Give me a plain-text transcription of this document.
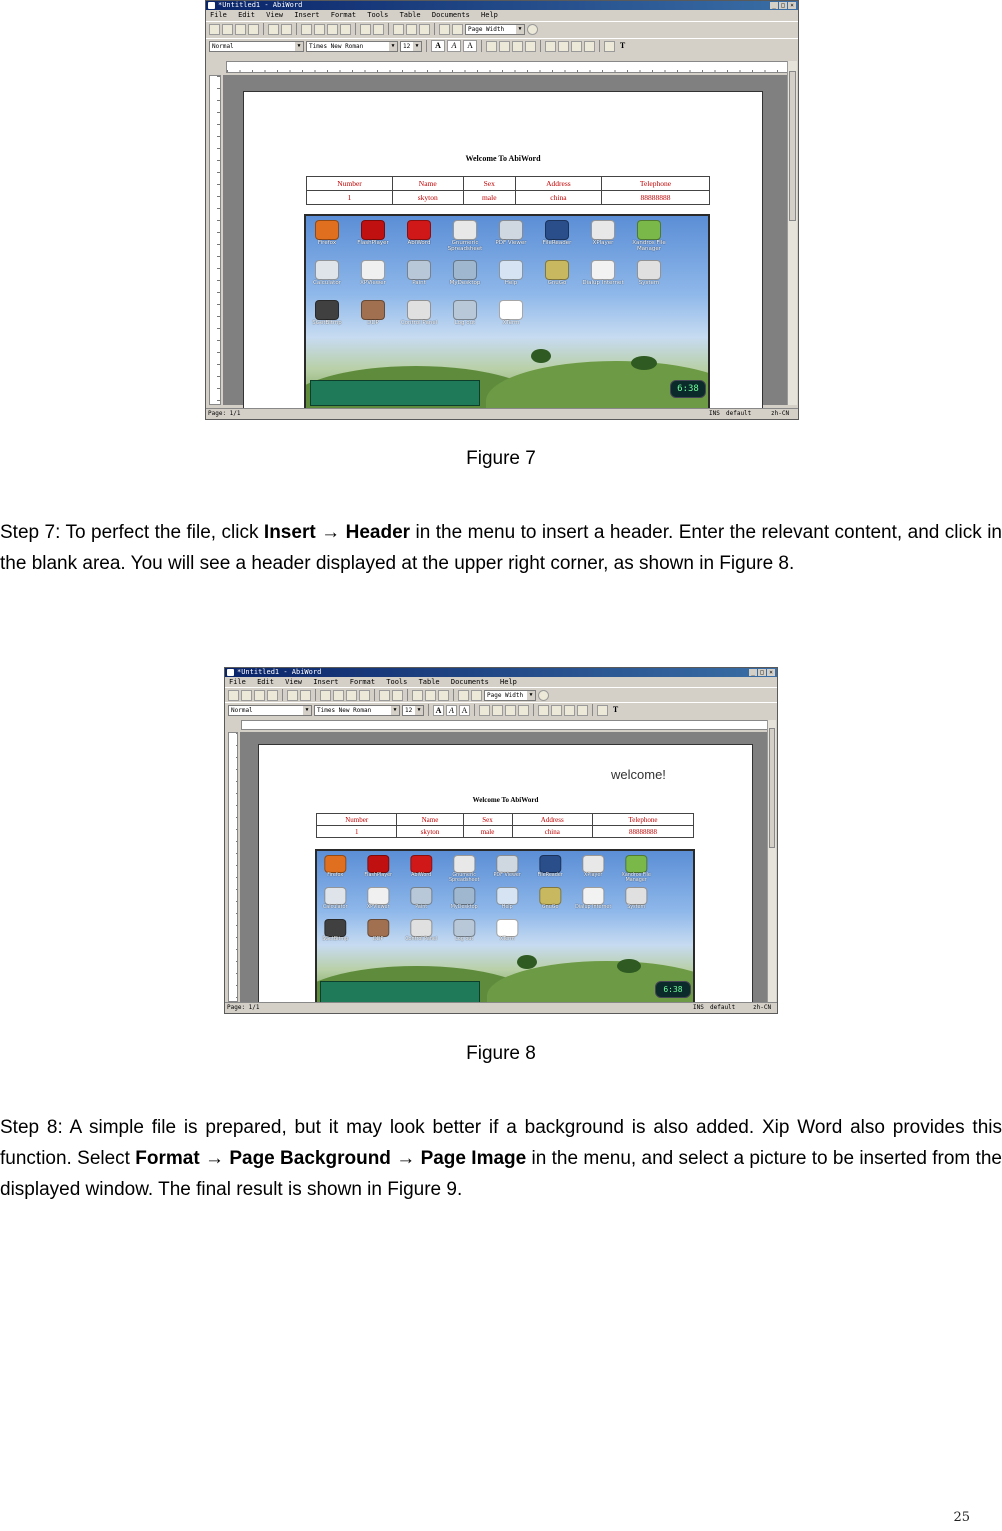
*Untitled1 - AbiWord	_ □ ×
File Edit View Insert Format Tools Table Documents Help
Page Width ▼
Normal ▼	Times New Roman ▼	12 ▼	A	A	A	T
Welcome To AbiWord
Number	Name	Sex	Address	Telephone
1	skyton	male	china	88888888
6:38
Firefox	FlashPlayer	AbiWord	Gnumeric Spreadsheet
PDF Viewer	FileReader	XPlayer	Xandros File Manager
Calculator	XPViewer	Paint	MyDesktop	Help	GnuGo	Dialup Internet	System
SGetBitmp	DDP	Control Panel	Log out	XTerm
Page: 1/1	INS default	zh-CN
Figure 7
Step 7: To perfect the file, click Insert → Header in the menu to insert a header. Enter the relevant content, and click in the blank area. You will see a header displayed at the upper right corner, as shown in Figure 8.
*Untitled1 - AbiWord	_ □ ×
File Edit View Insert Format Tools Table Documents Help
Page Width ▼
Normal ▼	Times New Roman ▼	12 ▼	A A A	T
welcome!
Welcome To AbiWord
Number	Name	Sex	Address	Telephone
1	skyton	male	china	88888888
6:38
Firefox	FlashPlayer	AbiWord	Gnumeric Spreadsheet
PDF Viewer	FileReader	XPlayer	Xandros File Manager
Calculator	XPViewer	Paint	MyDesktop	Help	GnuGo	Dialup Internet	System
SGetBitmp	DDP	Control Panel	Log out	XTerm
Page: 1/1	INS default	zh-CN
Figure 8
Step 8: A simple file is prepared, but it may look better if a background is also added. Xip Word also provides this function. Select Format → Page Background → Page Image in the menu, and select a picture to be inserted from the displayed window. The final result is shown in Figure 9.
25
